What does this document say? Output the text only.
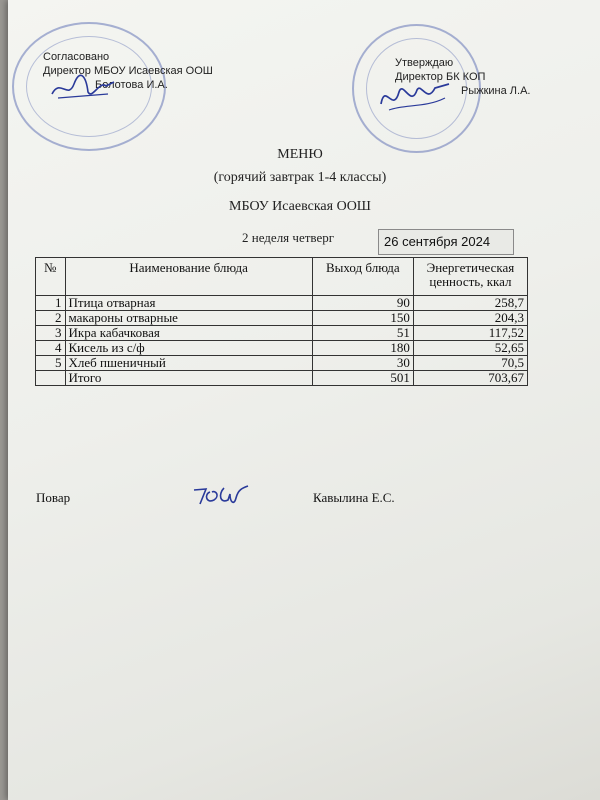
Согласовано
Директор МБОУ Исаевская ООШ
Болотова И.А.
Утверждаю
Директор БК КОП
Рыжкина Л.А.
МЕНЮ
(горячий завтрак 1-4 классы)
МБОУ Исаевская ООШ
2 неделя четверг	26 сентября 2024
№	Наименование блюда	Выход блюда	Энергетическая ценность, ккал
1	Птица отварная	90	258,7
2	макароны отварные	150	204,3
3	Икра кабачковая	51	117,52
4	Кисель из с/ф	180	52,65
5	Хлеб пшеничный	30	70,5
	Итого	501	703,67
Повар	Кавылина Е.С.
